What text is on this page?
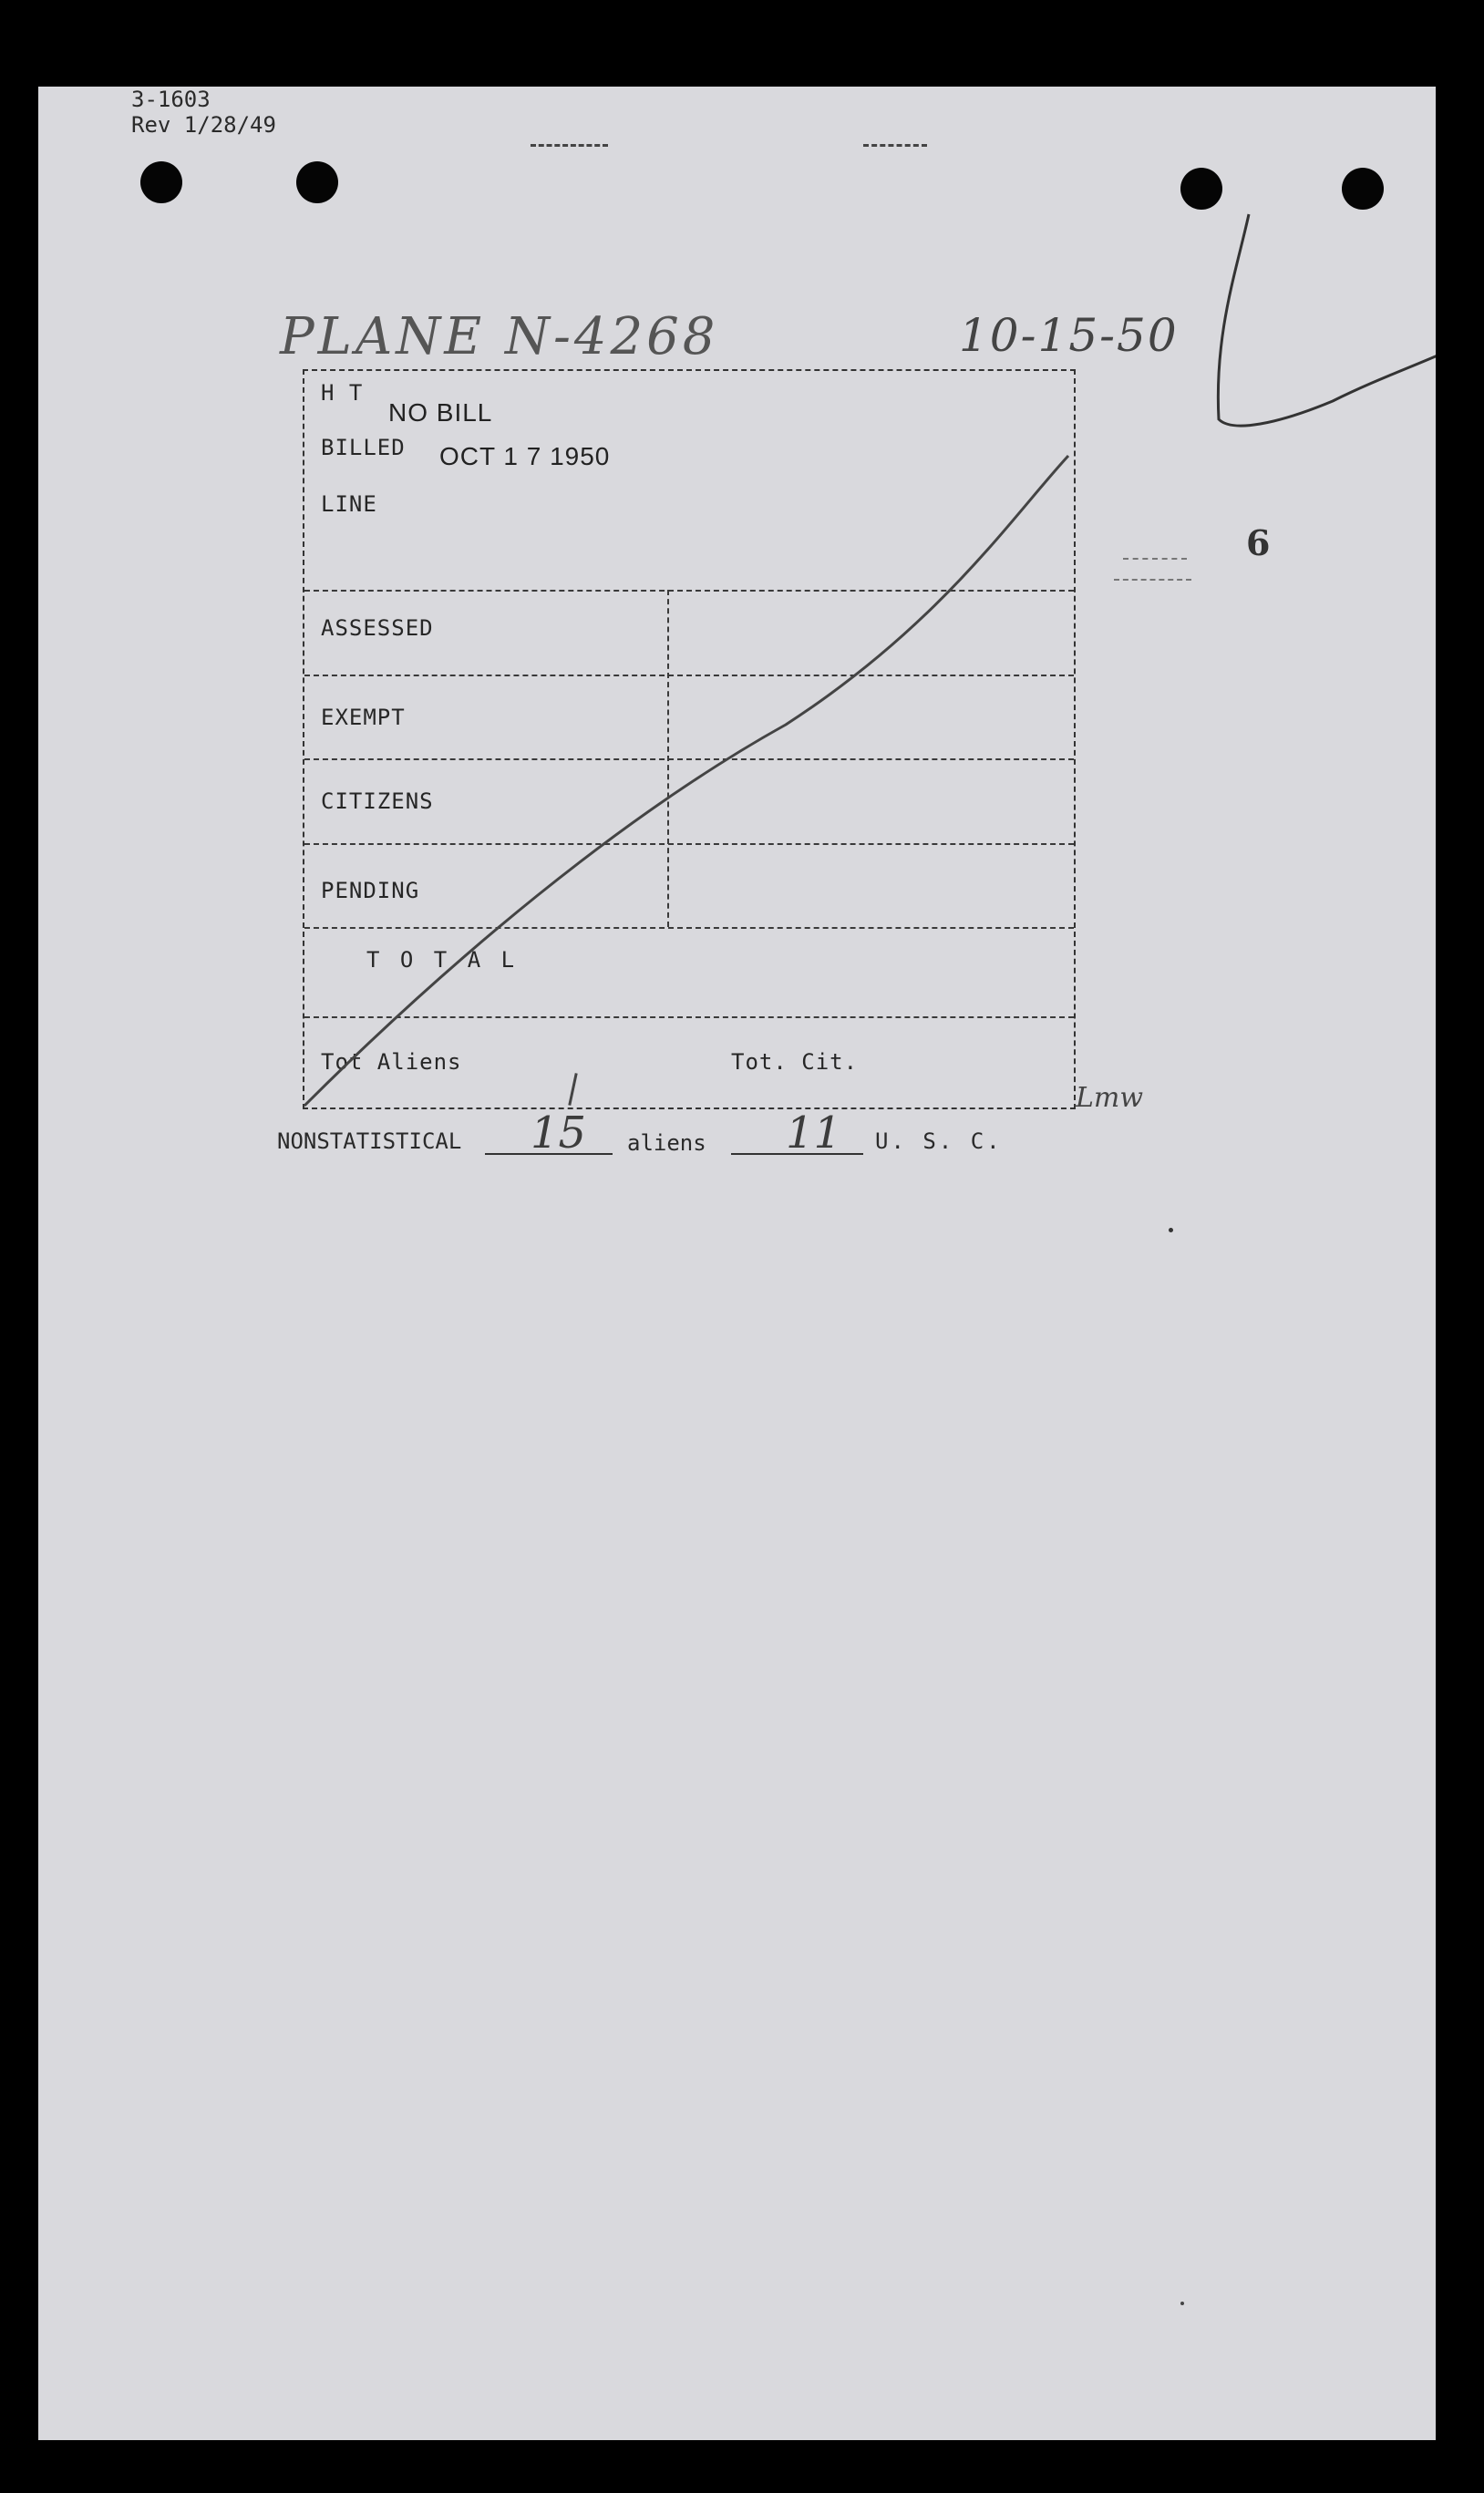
3-1603
Rev 1/28/49
PLANE N-4268	10-15-50
6
H T
NO BILL
BILLED OCT 1 7 1950
LINE
ASSESSED
EXEMPT
CITIZENS
PENDING
T O T A L
Tot Aliens	Tot. Cit.
Lmw
NONSTATISTICAL 15 aliens 11 U. S. C.
